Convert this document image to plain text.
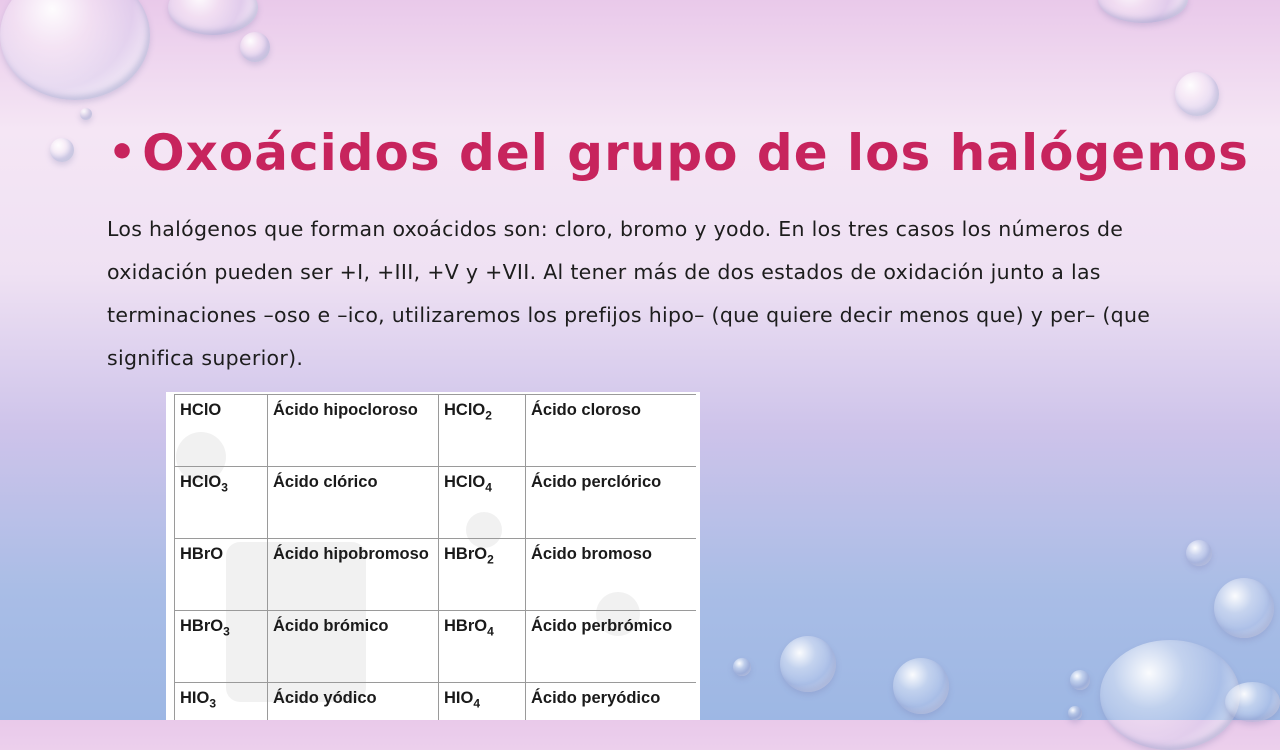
• Oxoácidos del grupo de los halógenos
Los halógenos que forman oxoácidos son: cloro, bromo y yodo. En los tres casos los números de oxidación pueden ser +I, +III, +V y +VII. Al tener más de dos estados de oxidación junto a las terminaciones –oso e –ico, utilizaremos los prefijos hipo– (que quiere decir menos que) y per– (que significa superior).
HClO	Ácido hipocloroso	HClO$_2$	Ácido cloroso
HClO$_3$	Ácido clórico	HClO$_4$	Ácido perclórico
HBrO	Ácido hipobromoso	HBrO$_2$	Ácido bromoso
HBrO$_3$	Ácido brómico	HBrO$_4$	Ácido perbrómico
$HIO_3$	Ácido yódico	$HIO_4$	Ácido peryódico
